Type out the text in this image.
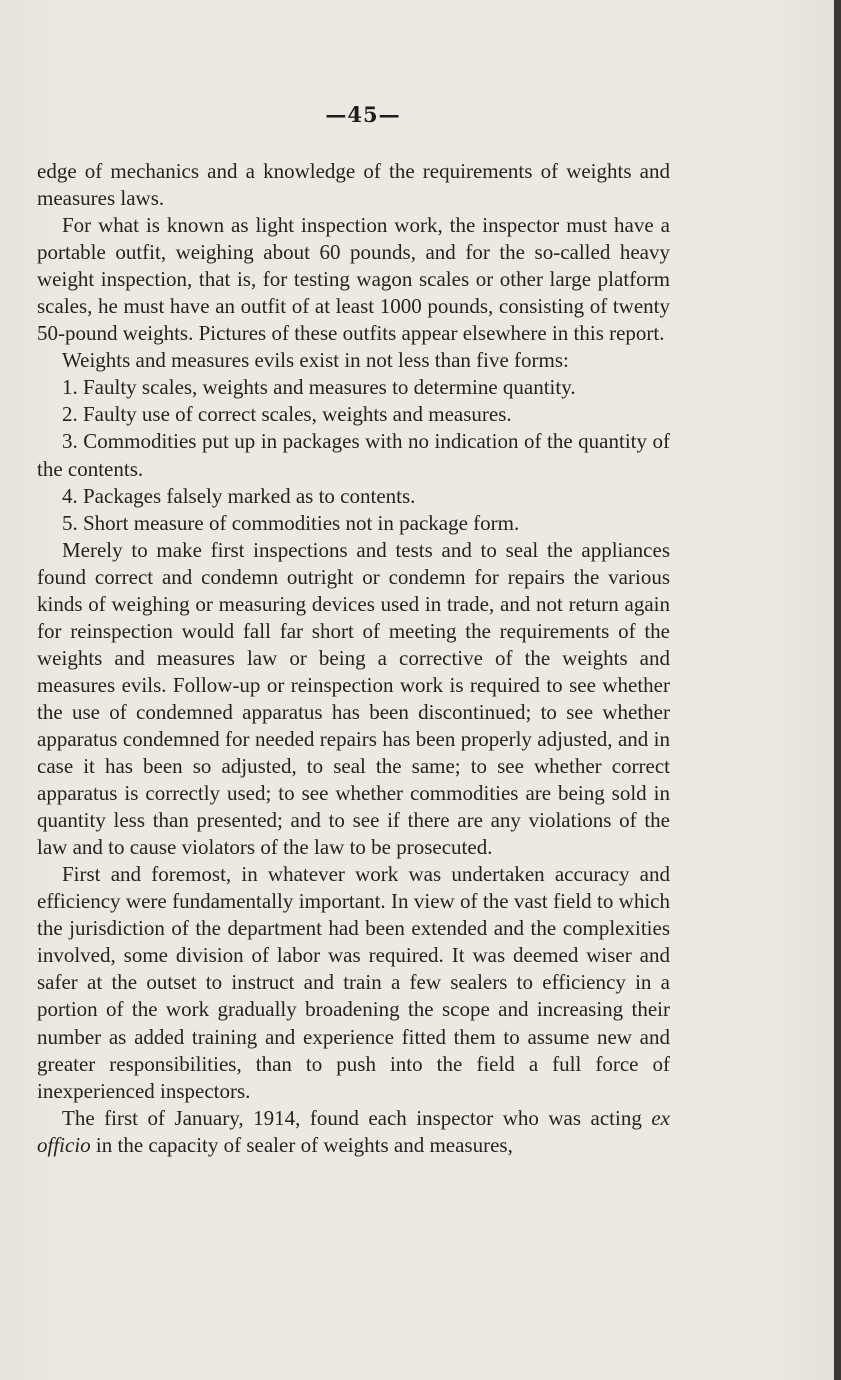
—45—

edge of mechanics and a knowledge of the requirements of weights and measures laws.

For what is known as light inspection work, the inspector must have a portable outfit, weighing about 60 pounds, and for the so-called heavy weight inspection, that is, for testing wagon scales or other large platform scales, he must have an outfit of at least 1000 pounds, consisting of twenty 50-pound weights. Pictures of these outfits appear elsewhere in this report.

Weights and measures evils exist in not less than five forms:

1. Faulty scales, weights and measures to determine quantity.

2. Faulty use of correct scales, weights and measures.

3. Commodities put up in packages with no indication of the quantity of the contents.

4. Packages falsely marked as to contents.

5. Short measure of commodities not in package form.

Merely to make first inspections and tests and to seal the appliances found correct and condemn outright or condemn for repairs the various kinds of weighing or measuring devices used in trade, and not return again for reinspection would fall far short of meeting the requirements of the weights and measures law or being a corrective of the weights and measures evils. Follow-up or reinspection work is required to see whether the use of condemned apparatus has been discontinued; to see whether apparatus condemned for needed repairs has been properly adjusted, and in case it has been so adjusted, to seal the same; to see whether correct apparatus is correctly used; to see whether commodities are being sold in quantity less than presented; and to see if there are any violations of the law and to cause violators of the law to be prosecuted.

First and foremost, in whatever work was undertaken accuracy and efficiency were fundamentally important. In view of the vast field to which the jurisdiction of the department had been extended and the complexities involved, some division of labor was required. It was deemed wiser and safer at the outset to instruct and train a few sealers to efficiency in a portion of the work gradually broadening the scope and increasing their number as added training and experience fitted them to assume new and greater responsibilities, than to push into the field a full force of inexperienced inspectors.

The first of January, 1914, found each inspector who was acting ex officio in the capacity of sealer of weights and measures,
